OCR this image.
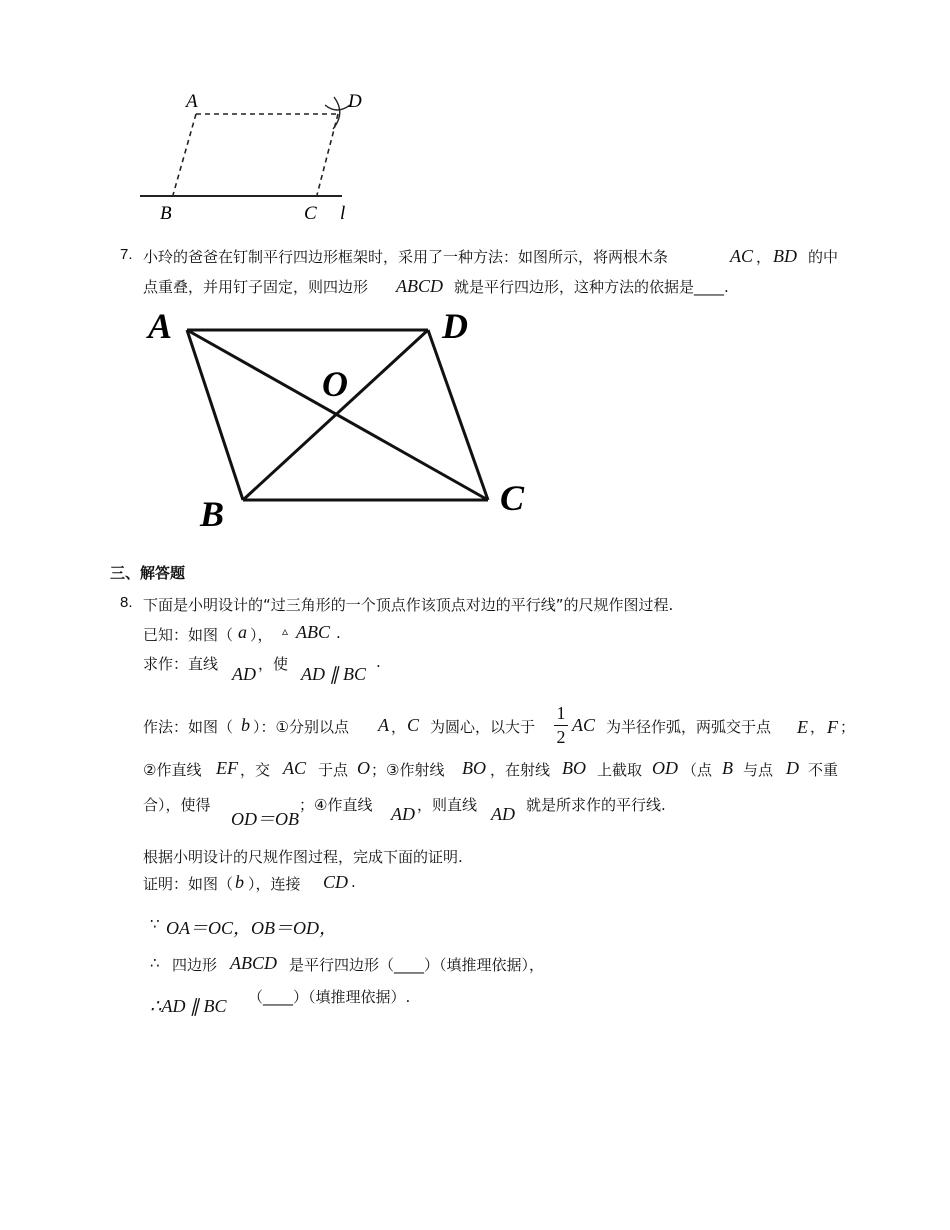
A	D
B	C l
7. 小玲的爸爸在钉制平行四边形框架时，采用了一种方法：如图所示，将两根木条	AC ， BD 的中
点重叠，并用钉子固定，则四边形 ABCD 就是平行四边形，这种方法的依据是____.
A	D
O
B	C
三、解答题
8. 下面是小明设计的“过三角形的一个顶点作该顶点对边的平行线”的尺规作图过程.
已知：如图（ a ）， ▵ ABC .
求作：直线 AD ，使 AD ∥ BC
.
作法：如图（ b ）：①分别以点 A ， C 为圆心，以大于
1
2
AC 为半径作弧，两弧交于点 E ， F ；
②作直线 EF ，交 AC 于点 O ；③作射线 BO ，在射线 BO 上截取 OD （点 B 与点 D 不重
合），使得
OD＝OB
；④作直线 AD ，则直线 AD 就是所求作的平行线.
根据小明设计的尺规作图过程，完成下面的证明.
证明：如图（ b ），连接 CD .
∵ OA＝OC，OB＝OD，
∴ 四边形 ABCD 是平行四边形（____）（填推理依据），
∴AD ∥ BC （____）（填推理依据）.
